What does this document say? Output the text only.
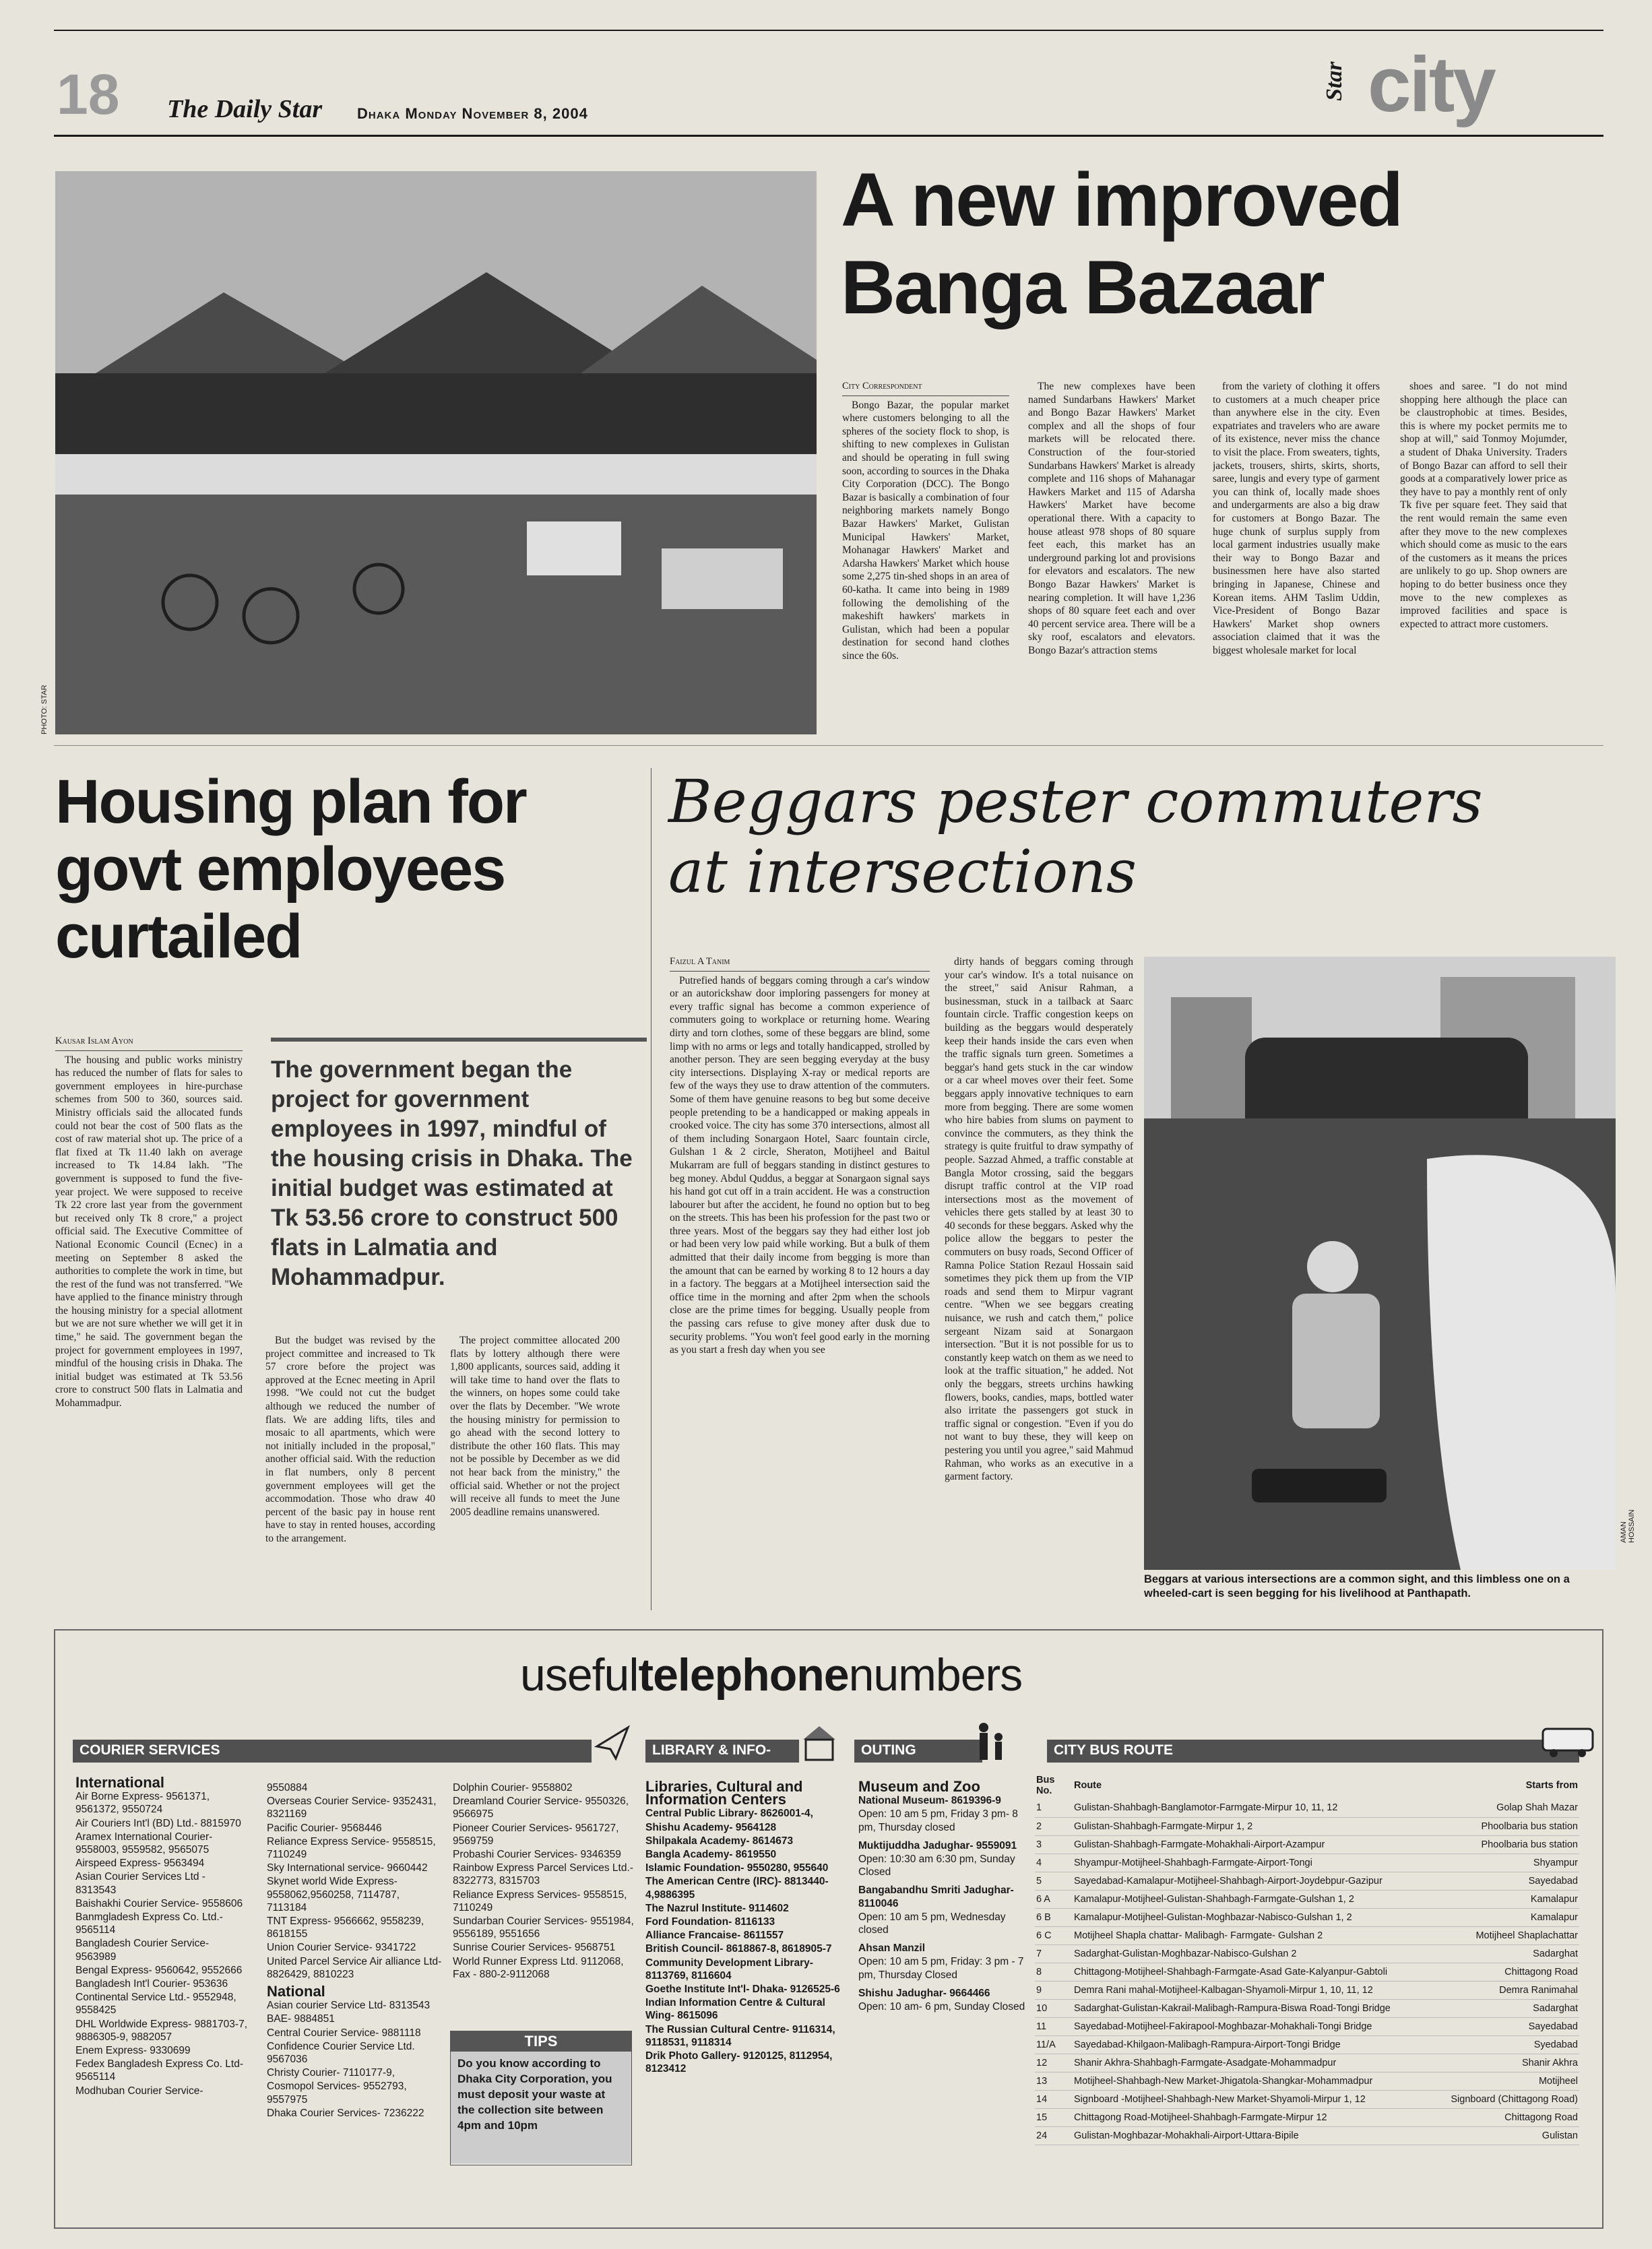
18 The Daily Star Dhaka Monday November 8, 2004
Star city
PHOTO: STAR
A new improved
Banga Bazaar
City Correspondent

Bongo Bazar, the popular market where customers belonging to all the spheres of the society flock to shop, is shifting to new complexes in Gulistan and should be operating in full swing soon, according to sources in the Dhaka City Corporation (DCC). The Bongo Bazar is basically a combination of four neighboring markets namely Bongo Bazar Hawkers' Market, Gulistan Municipal Hawkers' Market, Mohanagar Hawkers' Market and Adarsha Hawkers' Market which house some 2,275 tin-shed shops in an area of 60-katha. It came into being in 1989 following the demolishing of the makeshift hawkers' markets in Gulistan, which had been a popular destination for second hand clothes since the 60s.

The new complexes have been named Sundarbans Hawkers' Market and Bongo Bazar Hawkers' Market complex and all the shops of four markets will be relocated there. Construction of the four-storied Sundarbans Hawkers' Market is already complete and 116 shops of Mahanagar Hawkers Market and 115 of Adarsha Hawkers' Market have become operational there. With a capacity to house atleast 978 shops of 80 square feet each, this market has an underground parking lot and provisions for elevators and escalators. The new Bongo Bazar Hawkers' Market is nearing completion. It will have 1,236 shops of 80 square feet each and over 40 percent service area. There will be a sky roof, escalators and elevators. Bongo Bazar's attraction stems

from the variety of clothing it offers to customers at a much cheaper price than anywhere else in the city. Even expatriates and travelers who are aware of its existence, never miss the chance to visit the place. From sweaters, tights, jackets, trousers, shirts, skirts, shorts, saree, lungis and every type of garment you can think of, locally made shoes and undergarments are also a big draw for customers at Bongo Bazar. The huge chunk of surplus supply from local garment industries usually make their way to Bongo Bazar and businessmen here have also started bringing in Japanese, Chinese and Korean items. AHM Taslim Uddin, Vice-President of Bongo Bazar Hawkers' Market shop owners association claimed that it was the biggest wholesale market for local

shoes and saree. "I do not mind shopping here although the place can be claustrophobic at times. Besides, this is where my pocket permits me to shop at will," said Tonmoy Mojumder, a student of Dhaka University. Traders of Bongo Bazar can afford to sell their goods at a comparatively lower price as they have to pay a monthly rent of only Tk five per square feet. They said that the rent would remain the same even after they move to the new complexes which should come as music to the ears of the customers as it means the prices are unlikely to go up. Shop owners are hoping to do better business once they move to the new complexes as improved facilities and space is expected to attract more customers.

Housing plan for
govt employees
curtailed
Kausar Islam Ayon

The housing and public works ministry has reduced the number of flats for sales to government employees in hire-purchase schemes from 500 to 360, sources said. Ministry officials said the allocated funds could not bear the cost of 500 flats as the cost of raw material shot up. The price of a flat fixed at Tk 11.40 lakh on average increased to Tk 14.84 lakh. "The government is supposed to fund the five-year project. We were supposed to receive Tk 22 crore last year from the government but received only Tk 8 crore," a project official said. The Executive Committee of National Economic Council (Ecnec) in a meeting on September 8 asked the authorities to complete the work in time, but the rest of the fund was not transferred. "We have applied to the finance ministry through the housing ministry for a special allotment but we are not sure whether we will get it in time," he said. The government began the project for government employees in 1997, mindful of the housing crisis in Dhaka. The initial budget was estimated at Tk 53.56 crore to construct 500 flats in Lalmatia and Mohammadpur.

The government began the project for government employees in 1997, mindful of the housing crisis in Dhaka. The initial budget was estimated at Tk 53.56 crore to construct 500 flats in Lalmatia and Mohammadpur.

But the budget was revised by the project committee and increased to Tk 57 crore before the project was approved at the Ecnec meeting in April 1998. "We could not cut the budget although we reduced the number of flats. We are adding lifts, tiles and mosaic to all apartments, which were not initially included in the proposal," another official said. With the reduction in flat numbers, only 8 percent government employees will get the accommodation. Those who draw 40 percent of the basic pay in house rent have to stay in rented houses, according to the arrangement.

The project committee allocated 200 flats by lottery although there were 1,800 applicants, sources said, adding it will take time to hand over the flats to the winners, on hopes some could take over the flats by December. "We wrote the housing ministry for permission to go ahead with the second lottery to distribute the other 160 flats. This may not be possible by December as we did not hear back from the ministry," the official said. Whether or not the project will receive all funds to meet the June 2005 deadline remains unanswered.

Beggars pester commuters
at intersections
Faizul A Tanim

Putrefied hands of beggars coming through a car's window or an autorickshaw door imploring passengers for money at every traffic signal has become a common experience of commuters going to workplace or returning home. Wearing dirty and torn clothes, some of these beggars are blind, some limp with no arms or legs and totally handicapped, strolled by another person. They are seen begging everyday at the busy city intersections. Displaying X-ray or medical reports are few of the ways they use to draw attention of the commuters. Some of them have genuine reasons to beg but some deceive people pretending to be a handicapped or making appeals in crooked voice. The city has some 370 intersections, almost all of them including Sonargaon Hotel, Saarc fountain circle, Gulshan 1 & 2 circle, Sheraton, Motijheel and Baitul Mukarram are full of beggars standing in distinct gestures to beg money. Abdul Quddus, a beggar at Sonargaon signal says his hand got cut off in a train accident. He was a construction labourer but after the accident, he found no option but to beg on the streets. This has been his profession for the past two or three years. Most of the beggars say they had either lost job or had been very low paid while working. But a bulk of them admitted that their daily income from begging is more than the amount that can be earned by working 8 to 12 hours a day in a factory. The beggars at a Motijheel intersection said the office time in the morning and after 2pm when the schools close are the prime times for begging. Usually people from the passing cars refuse to give money after dusk due to security problems. "You won't feel good early in the morning as you start a fresh day when you see

dirty hands of beggars coming through your car's window. It's a total nuisance on the street," said Anisur Rahman, a businessman, stuck in a tailback at Saarc fountain circle. Traffic congestion keeps on building as the beggars would desperately keep their hands inside the cars even when the traffic signals turn green. Sometimes a beggar's hand gets stuck in the car window or a car wheel moves over their feet. Some beggars apply innovative techniques to earn more from begging. There are some women who hire babies from slums on payment to convince the commuters, as they think the strategy is quite fruitful to draw sympathy of people. Sazzad Ahmed, a traffic constable at Bangla Motor crossing, said the beggars disrupt traffic control at the VIP road intersections most as the movement of vehicles there gets stalled by at least 30 to 40 seconds for these beggars. Asked why the police allow the beggars to pester the commuters on busy roads, Second Officer of Ramna Police Station Rezaul Hossain said sometimes they pick them up from the VIP roads and send them to Mirpur vagrant centre. "When we see beggars creating nuisance, we rush and catch them," police sergeant Nizam said at Sonargaon intersection. "But it is not possible for us to constantly keep watch on them as we need to look at the traffic situation," he added. Not only the beggars, streets urchins hawking flowers, books, candies, maps, bottled water also irritate the passengers got stuck in traffic signal or congestion. "Even if you do not want to buy these, they will keep on pestering you until you agree," said Mahmud Rahman, who works as an executive in a garment factory.

AMAN HOSSAIN
Beggars at various intersections are a common sight, and this limbless one on a wheeled-cart is seen begging for his livelihood at Panthapath.
usefultelephonenumbers
COURIER SERVICES	LIBRARY & INFO-	OUTING	CITY BUS ROUTE
International
Air Borne Express- 9561371, 9561372, 9550724
Air Couriers Int'l (BD) Ltd.- 8815970
Aramex International Courier- 9558003, 9559582, 9565075
Airspeed Express- 9563494
Asian Courier Services Ltd - 8313543
Baishakhi Courier Service- 9558606
Banmgladesh Express Co. Ltd.- 9565114
Bangladesh Courier Service- 9563989
Bengal Express- 9560642, 9552666
Bangladesh Int'l Courier- 953636
Continental Service Ltd.- 9552948, 9558425
DHL Worldwide Express- 9881703-7, 9886305-9, 9882057
Enem Express- 9330699
Fedex Bangladesh Express Co. Ltd- 9565114
Modhuban Courier Service-
9550884
Overseas Courier Service- 9352431, 8321169
Pacific Courier- 9568446
Reliance Express Service- 9558515, 7110249
Sky International service- 9660442
Skynet world Wide Express- 9558062,9560258, 7114787, 7113184
TNT Express- 9566662, 9558239, 8618155
Union Courier Service- 9341722
United Parcel Service Air alliance Ltd- 8826429, 8810223
National
Asian courier Service Ltd- 8313543
BAE- 9884851
Central Courier Service- 9881118
Confidence Courier Service Ltd. 9567036
Christy Courier- 7110177-9,
Cosmopol Services- 9552793, 9557975
Dhaka Courier Services- 7236222
Dolphin Courier- 9558802
Dreamland Courier Service- 9550326, 9566975
Pioneer Courier Services- 9561727, 9569759
Probashi Courier Services- 9346359
Rainbow Express Parcel Services Ltd.- 8322773, 8315703
Reliance Express Services- 9558515, 7110249
Sundarban Courier Services- 9551984, 9556189, 9551656
Sunrise Courier Services- 9568751
World Runner Express Ltd. 9112068, Fax - 880-2-9112068
TIPS
Do you know according to Dhaka City Corporation, you must deposit your waste at the collection site between 4pm and 10pm
Libraries, Cultural and Information Centers
Central Public Library- 8626001-4,
Shishu Academy- 9564128
Shilpakala Academy- 8614673
Bangla Academy- 8619550
Islamic Foundation- 9550280, 955640
The American Centre (IRC)- 8813440- 4,9886395
The Nazrul Institute- 9114602
Ford Foundation- 8116133
Alliance Francaise- 8611557
British Council- 8618867-8, 8618905-7
Community Development Library- 8113769, 8116604
Goethe Institute Int'l- Dhaka- 9126525-6
Indian Information Centre & Cultural Wing- 8615096
The Russian Cultural Centre- 9116314, 9118531, 9118314
Drik Photo Gallery- 9120125, 8112954, 8123412
Museum and Zoo
National Museum- 8619396-9
Open: 10 am 5 pm, Friday 3 pm- 8 pm, Thursday closed
Muktijuddha Jadughar- 9559091
Open: 10:30 am 6:30 pm, Sunday Closed
Bangabandhu Smriti Jadughar- 8110046
Open: 10 am 5 pm, Wednesday closed
Ahsan Manzil
Open: 10 am 5 pm, Friday: 3 pm - 7 pm, Thursday Closed
Shishu Jadughar- 9664466
Open: 10 am- 6 pm, Sunday Closed
Bus No.	Route	Starts from
1	Gulistan-Shahbagh-Banglamotor-Farmgate-Mirpur 10, 11, 12	Golap Shah Mazar
2	Gulistan-Shahbagh-Farmgate-Mirpur 1, 2	Phoolbaria bus station
3	Gulistan-Shahbagh-Farmgate-Mohakhali-Airport-Azampur	Phoolbaria bus station
4	Shyampur-Motijheel-Shahbagh-Farmgate-Airport-Tongi	Shyampur
5	Sayedabad-Kamalapur-Motijheel-Shahbagh-Airport-Joydebpur-Gazipur	Sayedabad
6 A	Kamalapur-Motijheel-Gulistan-Shahbagh-Farmgate-Gulshan 1, 2	Kamalapur
6 B	Kamalapur-Motijheel-Gulistan-Moghbazar-Nabisco-Gulshan 1, 2	Kamalapur
6 C	Motijheel Shapla chattar- Malibagh- Farmgate- Gulshan 2	Motijheel Shaplachattar
7	Sadarghat-Gulistan-Moghbazar-Nabisco-Gulshan 2	Sadarghat
8	Chittagong-Motijheel-Shahbagh-Farmgate-Asad Gate-Kalyanpur-Gabtoli	Chittagong Road
9	Demra Rani mahal-Motijheel-Kalbagan-Shyamoli-Mirpur 1, 10, 11, 12	Demra Ranimahal
10	Sadarghat-Gulistan-Kakrail-Malibagh-Rampura-Biswa Road-Tongi Bridge	Sadarghat
11	Sayedabad-Motijheel-Fakirapool-Moghbazar-Mohakhali-Tongi Bridge	Sayedabad
11/A	Sayedabad-Khilgaon-Malibagh-Rampura-Airport-Tongi Bridge	Syedabad
12	Shanir Akhra-Shahbagh-Farmgate-Asadgate-Mohammadpur	Shanir Akhra
13	Motijheel-Shahbagh-New Market-Jhigatola-Shangkar-Mohammadpur	Motijheel
14	Signboard -Motijheel-Shahbagh-New Market-Shyamoli-Mirpur 1, 12	Signboard (Chittagong Road)
15	Chittagong Road-Motijheel-Shahbagh-Farmgate-Mirpur 12	Chittagong Road
24	Gulistan-Moghbazar-Mohakhali-Airport-Uttara-Bipile	Gulistan
